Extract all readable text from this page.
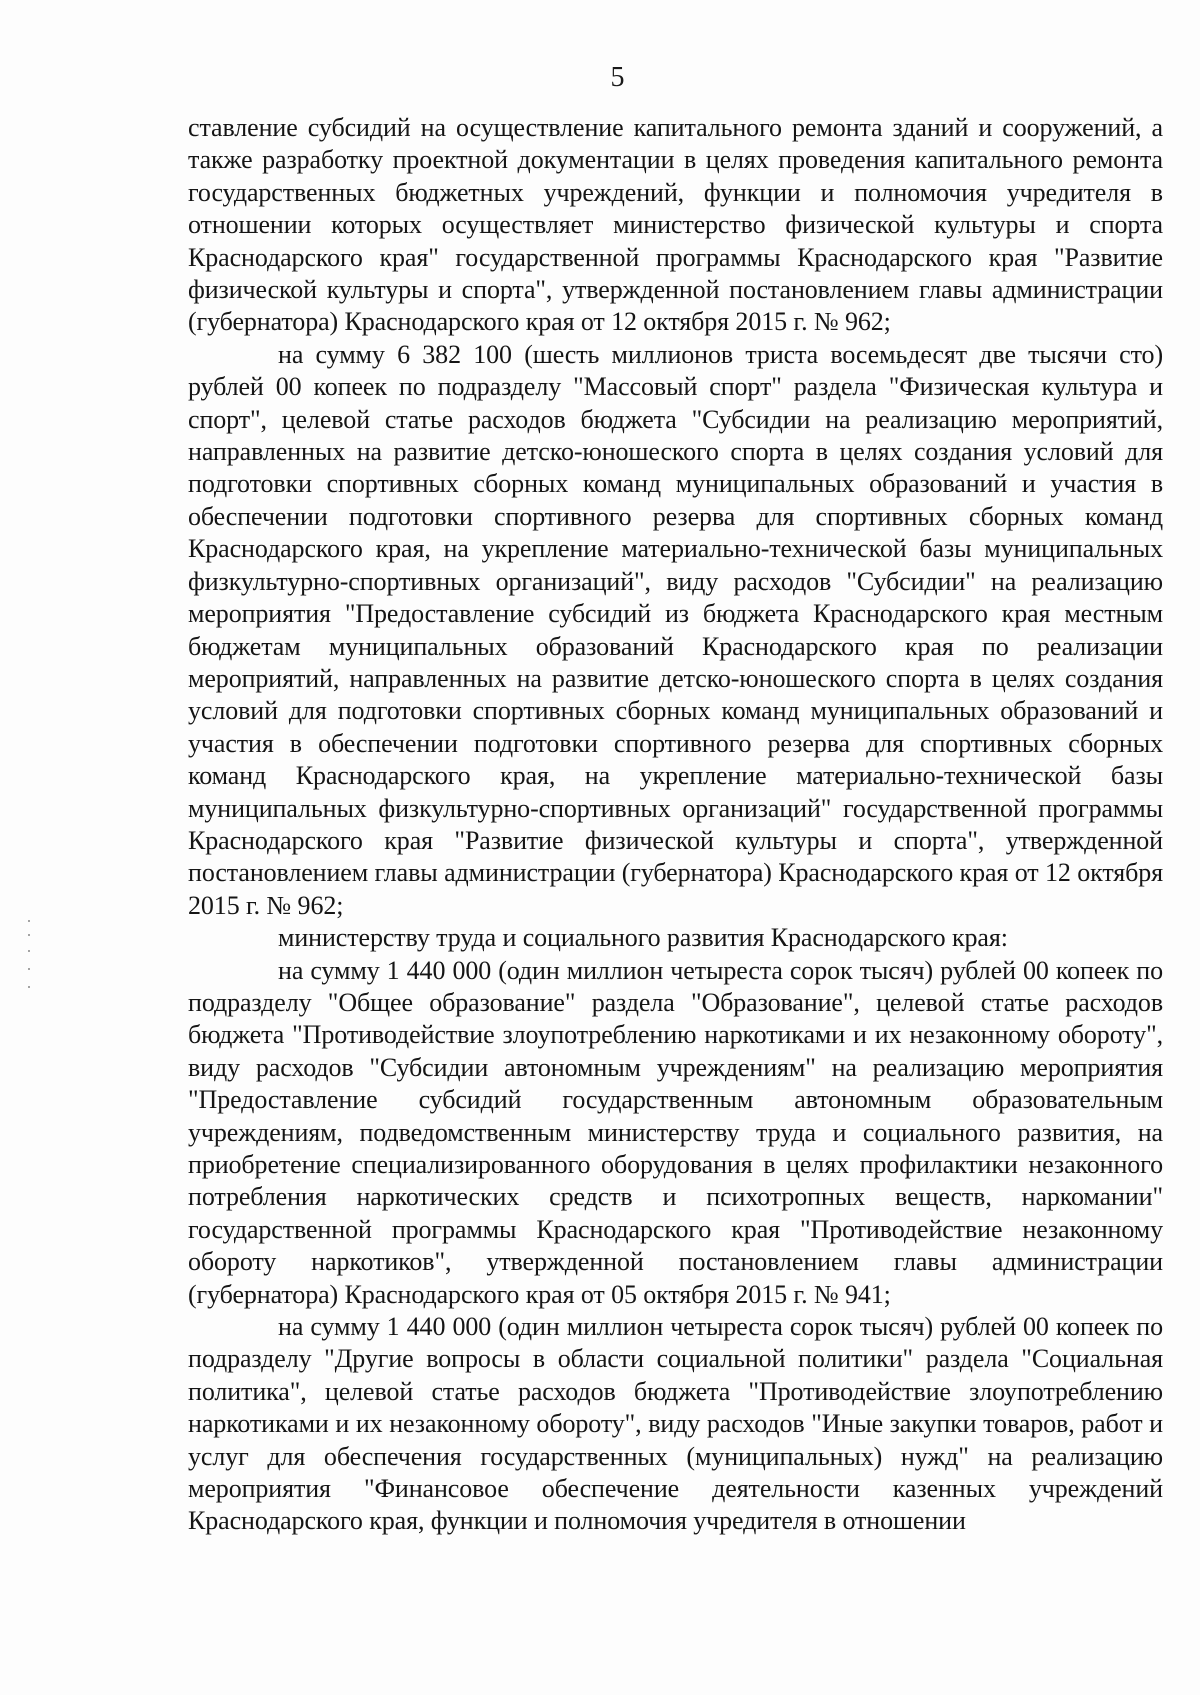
5

ставление субсидий на осуществление капитального ремонта зданий и сооружений, а также разработку проектной документации в целях проведения капитального ремонта государственных бюджетных учреждений, функции и полномочия учредителя в отношении которых осуществляет министерство физической культуры и спорта Краснодарского края" государственной программы Краснодарского края "Развитие физической культуры и спорта", утвержденной постановлением главы администрации (губернатора) Краснодарского края от 12 октября 2015 г. № 962;

на сумму 6 382 100 (шесть миллионов триста восемьдесят две тысячи сто) рублей 00 копеек по подразделу "Массовый спорт" раздела "Физическая культура и спорт", целевой статье расходов бюджета "Субсидии на реализацию мероприятий, направленных на развитие детско-юношеского спорта в целях создания условий для подготовки спортивных сборных команд муниципальных образований и участия в обеспечении подготовки спортивного резерва для спортивных сборных команд Краснодарского края, на укрепление материально-технической базы муниципальных физкультурно-спортивных организаций", виду расходов "Субсидии" на реализацию мероприятия "Предоставление субсидий из бюджета Краснодарского края местным бюджетам муниципальных образований Краснодарского края по реализации мероприятий, направленных на развитие детско-юношеского спорта в целях создания условий для подготовки спортивных сборных команд муниципальных образований и участия в обеспечении подготовки спортивного резерва для спортивных сборных команд Краснодарского края, на укрепление материально-технической базы муниципальных физкультурно-спортивных организаций" государственной программы Краснодарского края "Развитие физической культуры и спорта", утвержденной постановлением главы администрации (губернатора) Краснодарского края от 12 октября 2015 г. № 962;

министерству труда и социального развития Краснодарского края:

на сумму 1 440 000 (один миллион четыреста сорок тысяч) рублей 00 копеек по подразделу "Общее образование" раздела "Образование", целевой статье расходов бюджета "Противодействие злоупотреблению наркотиками и их незаконному обороту", виду расходов "Субсидии автономным учреждениям" на реализацию мероприятия "Предоставление субсидий государственным автономным образовательным учреждениям, подведомственным министерству труда и социального развития, на приобретение специализированного оборудования в целях профилактики незаконного потребления наркотических средств и психотропных веществ, наркомании" государственной программы Краснодарского края "Противодействие незаконному обороту наркотиков", утвержденной постановлением главы администрации (губернатора) Краснодарского края от 05 октября 2015 г. № 941;

на сумму 1 440 000 (один миллион четыреста сорок тысяч) рублей 00 копеек по подразделу "Другие вопросы в области социальной политики" раздела "Социальная политика", целевой статье расходов бюджета "Противодействие злоупотреблению наркотиками и их незаконному обороту", виду расходов "Иные закупки товаров, работ и услуг для обеспечения государственных (муниципальных) нужд" на реализацию мероприятия "Финансовое обеспечение деятельности казенных учреждений Краснодарского края, функции и полномочия учредителя в отношении
